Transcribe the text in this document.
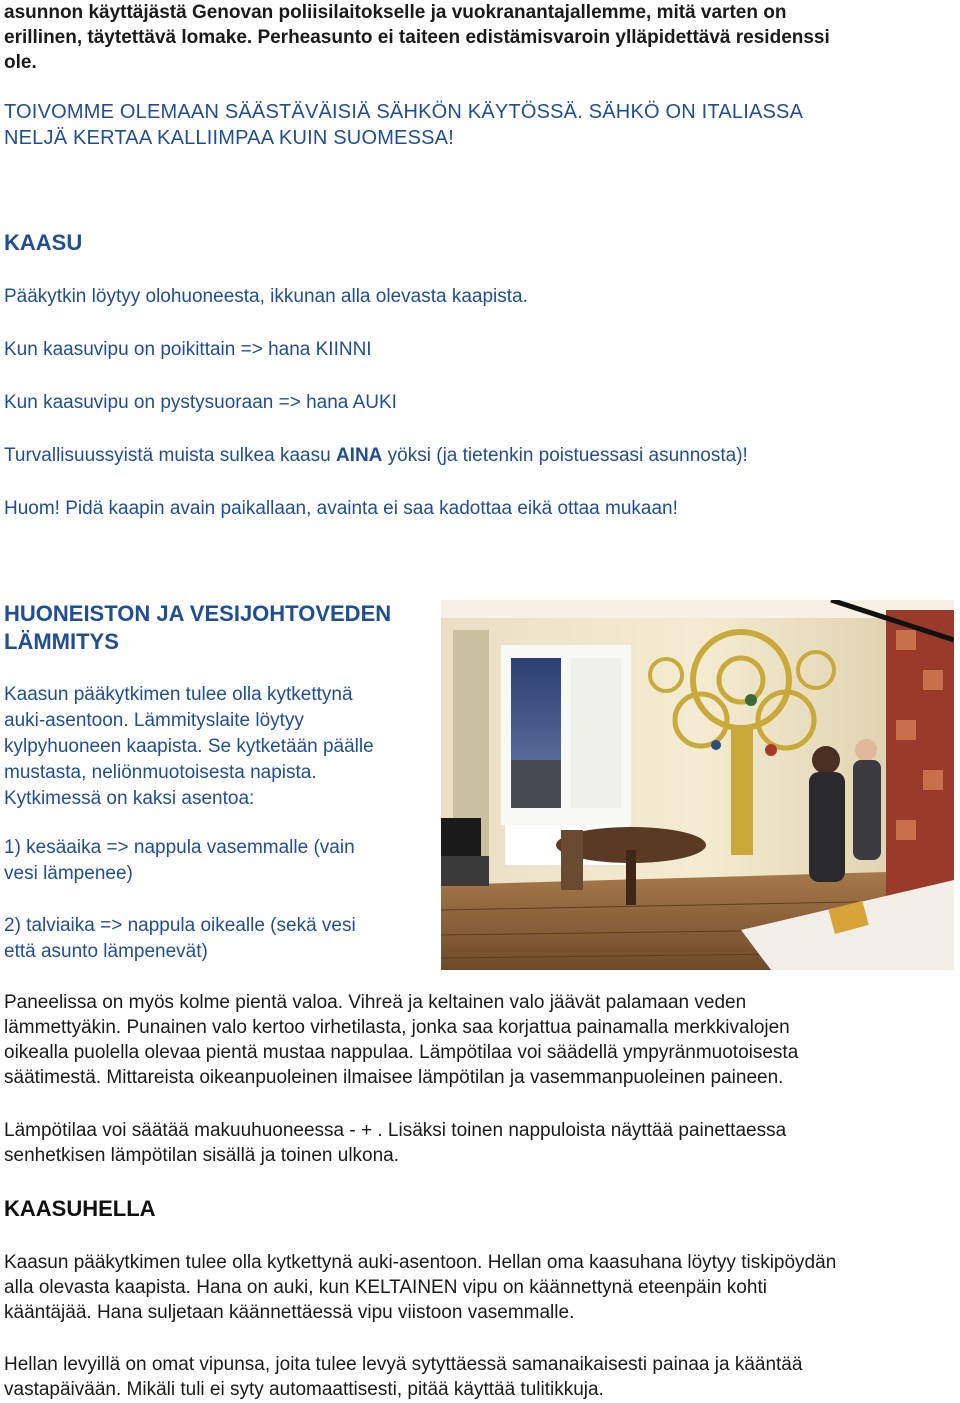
asunnon käyttäjästä Genovan poliisilaitokselle ja vuokranantajallemme, mitä varten on
erillinen, täytettävä lomake. Perheasunto ei taiteen edistämisvaroin ylläpidettävä residenssi
ole.
TOIVOMME OLEMAAN SÄÄSTÄVÄISIÄ SÄHKÖN KÄYTÖSSÄ. SÄHKÖ ON ITALIASSA
NELJÄ KERTAA KALLIIMPAA KUIN SUOMESSA!
KAASU
Pääkytkin löytyy olohuoneesta, ikkunan alla olevasta kaapista.
Kun kaasuvipu on poikittain => hana KIINNI
Kun kaasuvipu on pystysuoraan => hana AUKI
Turvallisuussyistä muista sulkea kaasu AINA yöksi (ja tietenkin poistuessasi asunnosta)!
Huom! Pidä kaapin avain paikallaan, avainta ei saa kadottaa eikä ottaa mukaan!
HUONEISTON JA VESIJOHTOVEDEN
LÄMMITYS
Kaasun pääkytkimen tulee olla kytkettynä
auki-asentoon. Lämmityslaite löytyy
kylpyhuoneen kaapista. Se kytketään päälle
mustasta, neliönmuotoisesta napista.
Kytkimessä on kaksi asentoa:
1) kesäaika => nappula vasemmalle (vain
vesi lämpenee)
2) talviaika => nappula oikealle (sekä vesi
että asunto lämpenevät)
Paneelissa on myös kolme pientä valoa. Vihreä ja keltainen valo jäävät palamaan veden
lämmettyäkin. Punainen valo kertoo virhetilasta, jonka saa korjattua painamalla merkkivalojen
oikealla puolella olevaa pientä mustaa nappulaa. Lämpötilaa voi säädellä ympyränmuotoisesta
säätimestä. Mittareista oikeanpuoleinen ilmaisee lämpötilan ja vasemmanpuoleinen paineen.
Lämpötilaa voi säätää makuuhuoneessa - + . Lisäksi toinen nappuloista näyttää painettaessa
senhetkisen lämpötilan sisällä ja toinen ulkona.
KAASUHELLA
Kaasun pääkytkimen tulee olla kytkettynä auki-asentoon. Hellan oma kaasuhana löytyy tiskipöydän
alla olevasta kaapista. Hana on auki, kun KELTAINEN vipu on käännettynä eteenpäin kohti
kääntäjää. Hana suljetaan käännettäessä vipu viistoon vasemmalle.
Hellan levyillä on omat vipunsa, joita tulee levyä sytyttäessä samanaikaisesti painaa ja kääntää
vastapäivään. Mikäli tuli ei syty automaattisesti, pitää käyttää tulitikkuja.
